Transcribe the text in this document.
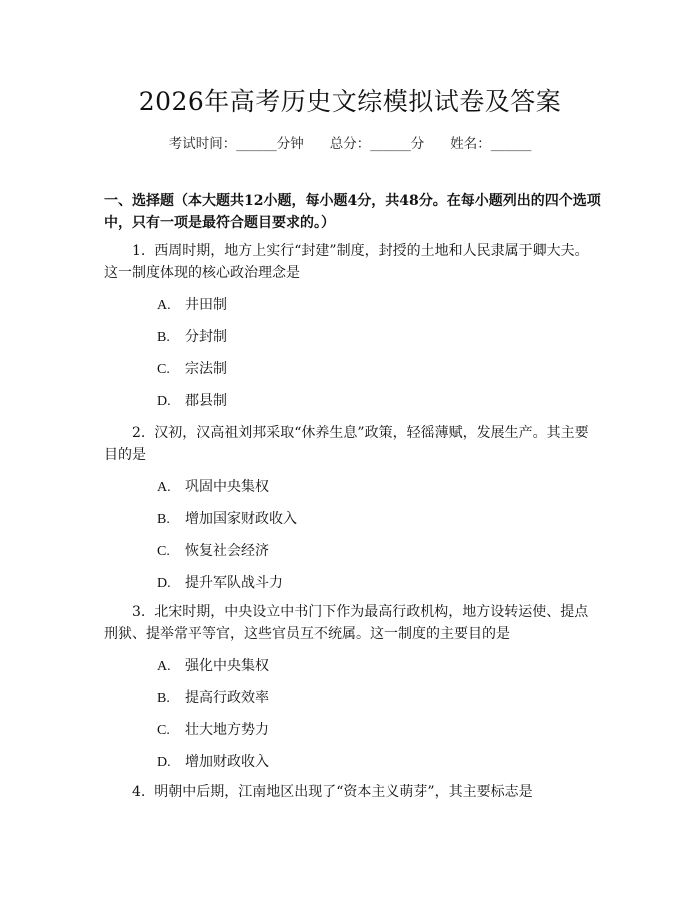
2026年高考历史文综模拟试卷及答案
考试时间：______分钟 总分：______分 姓名：______
一、选择题（本大题共12小题，每小题4分，共48分。在每小题列出的四个选项中，只有一项是最符合题目要求的。）
1. 西周时期，地方上实行“封建”制度，封授的土地和人民隶属于卿大夫。这一制度体现的核心政治理念是
A. 井田制
B. 分封制
C. 宗法制
D. 郡县制
2. 汉初，汉高祖刘邦采取“休养生息”政策，轻徭薄赋，发展生产。其主要目的是
A. 巩固中央集权
B. 增加国家财政收入
C. 恢复社会经济
D. 提升军队战斗力
3. 北宋时期，中央设立中书门下作为最高行政机构，地方设转运使、提点刑狱、提举常平等官，这些官员互不统属。这一制度的主要目的是
A. 强化中央集权
B. 提高行政效率
C. 壮大地方势力
D. 增加财政收入
4. 明朝中后期，江南地区出现了“资本主义萌芽”，其主要标志是
